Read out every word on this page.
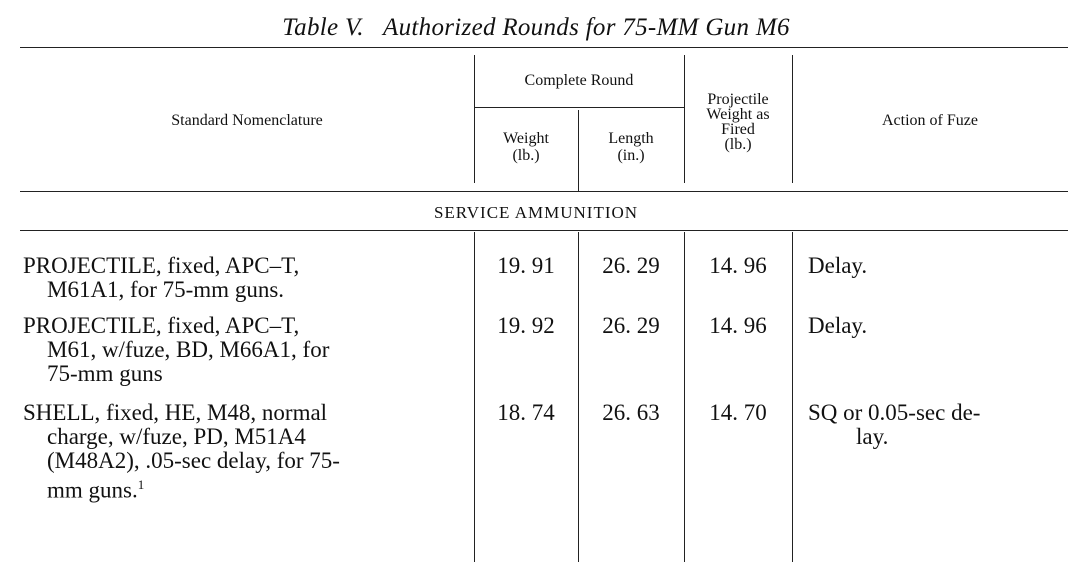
Table V.   Authorized Rounds for 75-MM Gun M6
Standard Nomenclature
Complete Round
Weight
(lb.)
Length
(in.)
Projectile
Weight as
Fired
(lb.)
Action of Fuze
SERVICE AMMUNITION
PROJECTILE, fixed, APC–T,
M61A1, for 75-mm guns.
19. 91	26. 29	14. 96	Delay.
PROJECTILE, fixed, APC–T,
M61, w/fuze, BD, M66A1, for
75-mm guns
19. 92	26. 29	14. 96	Delay.
SHELL, fixed, HE, M48, normal
charge, w/fuze, PD, M51A4
(M48A2), .05-sec delay, for 75-
mm guns.$^1$
18. 74	26. 63	14. 70	SQ or 0.05-sec de-
lay.
